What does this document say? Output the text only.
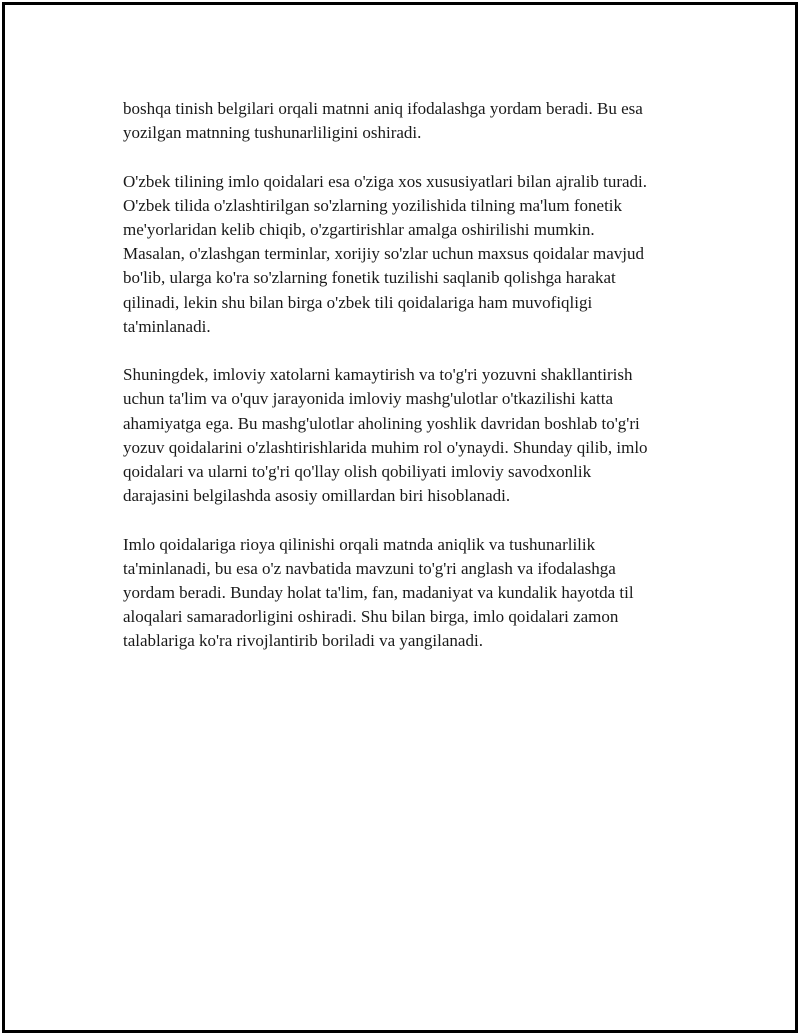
boshqa tinish belgilari orqali matnni aniq ifodalashga yordam beradi. Bu esa
yozilgan matnning tushunarliligini oshiradi.

O'zbek tilining imlo qoidalari esa o'ziga xos xususiyatlari bilan ajralib turadi.
O'zbek tilida o'zlashtirilgan so'zlarning yozilishida tilning ma'lum fonetik
me'yorlaridan kelib chiqib, o'zgartirishlar amalga oshirilishi mumkin.
Masalan, o'zlashgan terminlar, xorijiy so'zlar uchun maxsus qoidalar mavjud
bo'lib, ularga ko'ra so'zlarning fonetik tuzilishi saqlanib qolishga harakat
qilinadi, lekin shu bilan birga o'zbek tili qoidalariga ham muvofiqligi
ta'minlanadi.

Shuningdek, imloviy xatolarni kamaytirish va to'g'ri yozuvni shakllantirish
uchun ta'lim va o'quv jarayonida imloviy mashg'ulotlar o'tkazilishi katta
ahamiyatga ega. Bu mashg'ulotlar aholining yoshlik davridan boshlab to'g'ri
yozuv qoidalarini o'zlashtirishlarida muhim rol o'ynaydi. Shunday qilib, imlo
qoidalari va ularni to'g'ri qo'llay olish qobiliyati imloviy savodxonlik
darajasini belgilashda asosiy omillardan biri hisoblanadi.

Imlo qoidalariga rioya qilinishi orqali matnda aniqlik va tushunarlilik
ta'minlanadi, bu esa o'z navbatida mavzuni to'g'ri anglash va ifodalashga
yordam beradi. Bunday holat ta'lim, fan, madaniyat va kundalik hayotda til
aloqalari samaradorligini oshiradi. Shu bilan birga, imlo qoidalari zamon
talablariga ko'ra rivojlantirib boriladi va yangilanadi.
